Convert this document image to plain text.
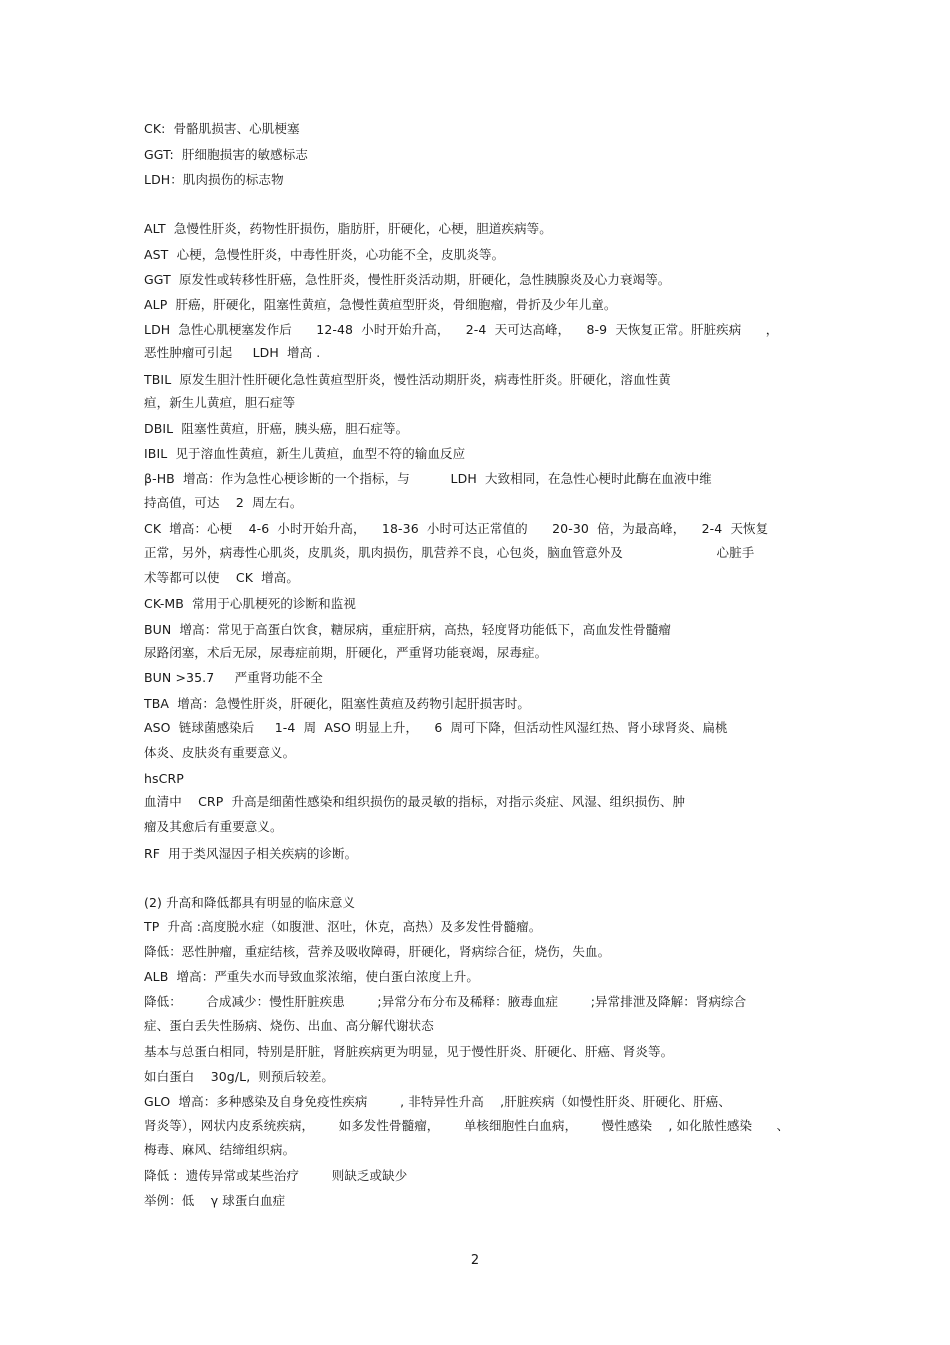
CK:  骨骼肌损害、心肌梗塞
GGT:  肝细胞损害的敏感标志
LDH：肌肉损伤的标志物
ALT  急慢性肝炎，药物性肝损伤，脂肪肝，肝硬化，心梗，胆道疾病等。
AST  心梗，急慢性肝炎，中毒性肝炎，心功能不全，皮肌炎等。
GGT  原发性或转移性肝癌，急性肝炎，慢性肝炎活动期，肝硬化，急性胰腺炎及心力衰竭等。
ALP  肝癌，肝硬化，阻塞性黄疸，急慢性黄疸型肝炎，骨细胞瘤，骨折及少年儿童。
LDH  急性心肌梗塞发作后      12-48  小时开始升高，    2-4  天可达高峰，    8-9  天恢复正常。肝脏疾病      ，
恶性肿瘤可引起     LDH  增高 .
TBIL  原发生胆汁性肝硬化急性黄疸型肝炎，慢性活动期肝炎，病毒性肝炎。肝硬化，溶血性黄
疸，新生儿黄疸，胆石症等
DBIL  阻塞性黄疸，肝癌，胰头癌，胆石症等。
IBIL  见于溶血性黄疸，新生儿黄疸，血型不符的输血反应
β-HB  增高：作为急性心梗诊断的一个指标，与          LDH  大致相同，在急性心梗时此酶在血液中维
持高值，可达    2  周左右。
CK  增高：心梗    4-6  小时开始升高，    18-36  小时可达正常值的      20-30  倍，为最高峰，    2-4  天恢复
正常，另外，病毒性心肌炎，皮肌炎，肌肉损伤，肌营养不良，心包炎，脑血管意外及                       心脏手
术等都可以使    CK  增高。
CK-MB  常用于心肌梗死的诊断和监视
BUN  增高：常见于高蛋白饮食，糖尿病，重症肝病，高热，轻度肾功能低下，高血发性骨髓瘤
尿路闭塞，术后无尿，尿毒症前期，肝硬化，严重肾功能衰竭，尿毒症。
BUN >35.7     严重肾功能不全
TBA  增高：急慢性肝炎，肝硬化，阻塞性黄疸及药物引起肝损害时。
ASO  链球菌感染后     1-4  周  ASO 明显上升，    6  周可下降，但活动性风湿红热、肾小球肾炎、扁桃
体炎、皮肤炎有重要意义。
hsCRP
血清中    CRP  升高是细菌性感染和组织损伤的最灵敏的指标，对指示炎症、风湿、组织损伤、肿
瘤及其愈后有重要意义。
RF  用于类风湿因子相关疾病的诊断。
(2) 升高和降低都具有明显的临床意义
TP  升高 :高度脱水症（如腹泄、沤吐，休克，高热）及多发性骨髓瘤。
降低：恶性肿瘤，重症结核，营养及吸收障碍，肝硬化，肾病综合征，烧伤，失血。
ALB  增高：严重失水而导致血浆浓缩，使白蛋白浓度上升。
降低：      合成减少：慢性肝脏疾患        ;异常分布分布及稀释：腋毒血症        ;异常排泄及降解：肾病综合
症、蛋白丢失性肠病、烧伤、出血、高分解代谢状态
基本与总蛋白相同，特别是肝脏，肾脏疾病更为明显，见于慢性肝炎、肝硬化、肝癌、肾炎等。
如白蛋白    30g/L,  则预后较差。
GLO  增高：多种感染及自身免疫性疾病        , 非特异性升高    ,肝脏疾病（如慢性肝炎、肝硬化、肝癌、
肾炎等），网状内皮系统疾病，      如多发性骨髓瘤，      单核细胞性白血病，      慢性感染    , 如化脓性感染      、
梅毒、麻风、结缔组织病。
降低 :  遗传异常或某些治疗        则缺乏或缺少
举例：低    γ 球蛋白血症
2
